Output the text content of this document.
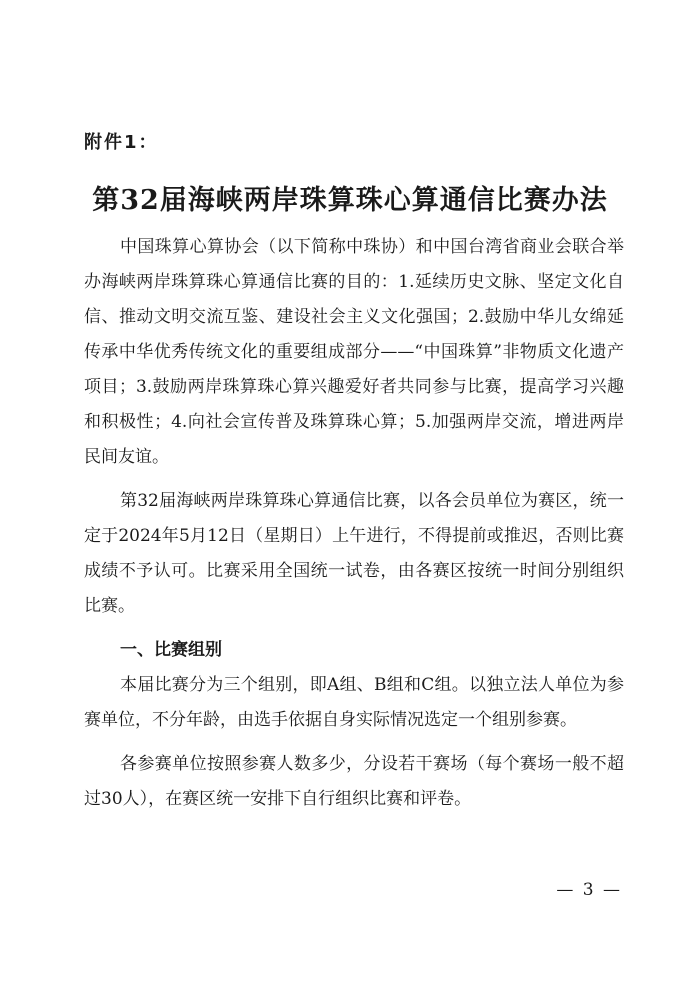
附件1：
第32届海峡两岸珠算珠心算通信比赛办法

中国珠算心算协会（以下简称中珠协）和中国台湾省商业会联合举办海峡两岸珠算珠心算通信比赛的目的：1.延续历史文脉、坚定文化自信、推动文明交流互鉴、建设社会主义文化强国；2.鼓励中华儿女绵延传承中华优秀传统文化的重要组成部分——“中国珠算”非物质文化遗产项目；3.鼓励两岸珠算珠心算兴趣爱好者共同参与比赛，提高学习兴趣和积极性；4.向社会宣传普及珠算珠心算；5.加强两岸交流，增进两岸民间友谊。

第32届海峡两岸珠算珠心算通信比赛，以各会员单位为赛区，统一定于2024年5月12日（星期日）上午进行，不得提前或推迟，否则比赛成绩不予认可。比赛采用全国统一试卷，由各赛区按统一时间分别组织比赛。

一、比赛组别

本届比赛分为三个组别，即A组、B组和C组。以独立法人单位为参赛单位，不分年龄，由选手依据自身实际情况选定一个组别参赛。

各参赛单位按照参赛人数多少，分设若干赛场（每个赛场一般不超过30人），在赛区统一安排下自行组织比赛和评卷。

— 3 —
